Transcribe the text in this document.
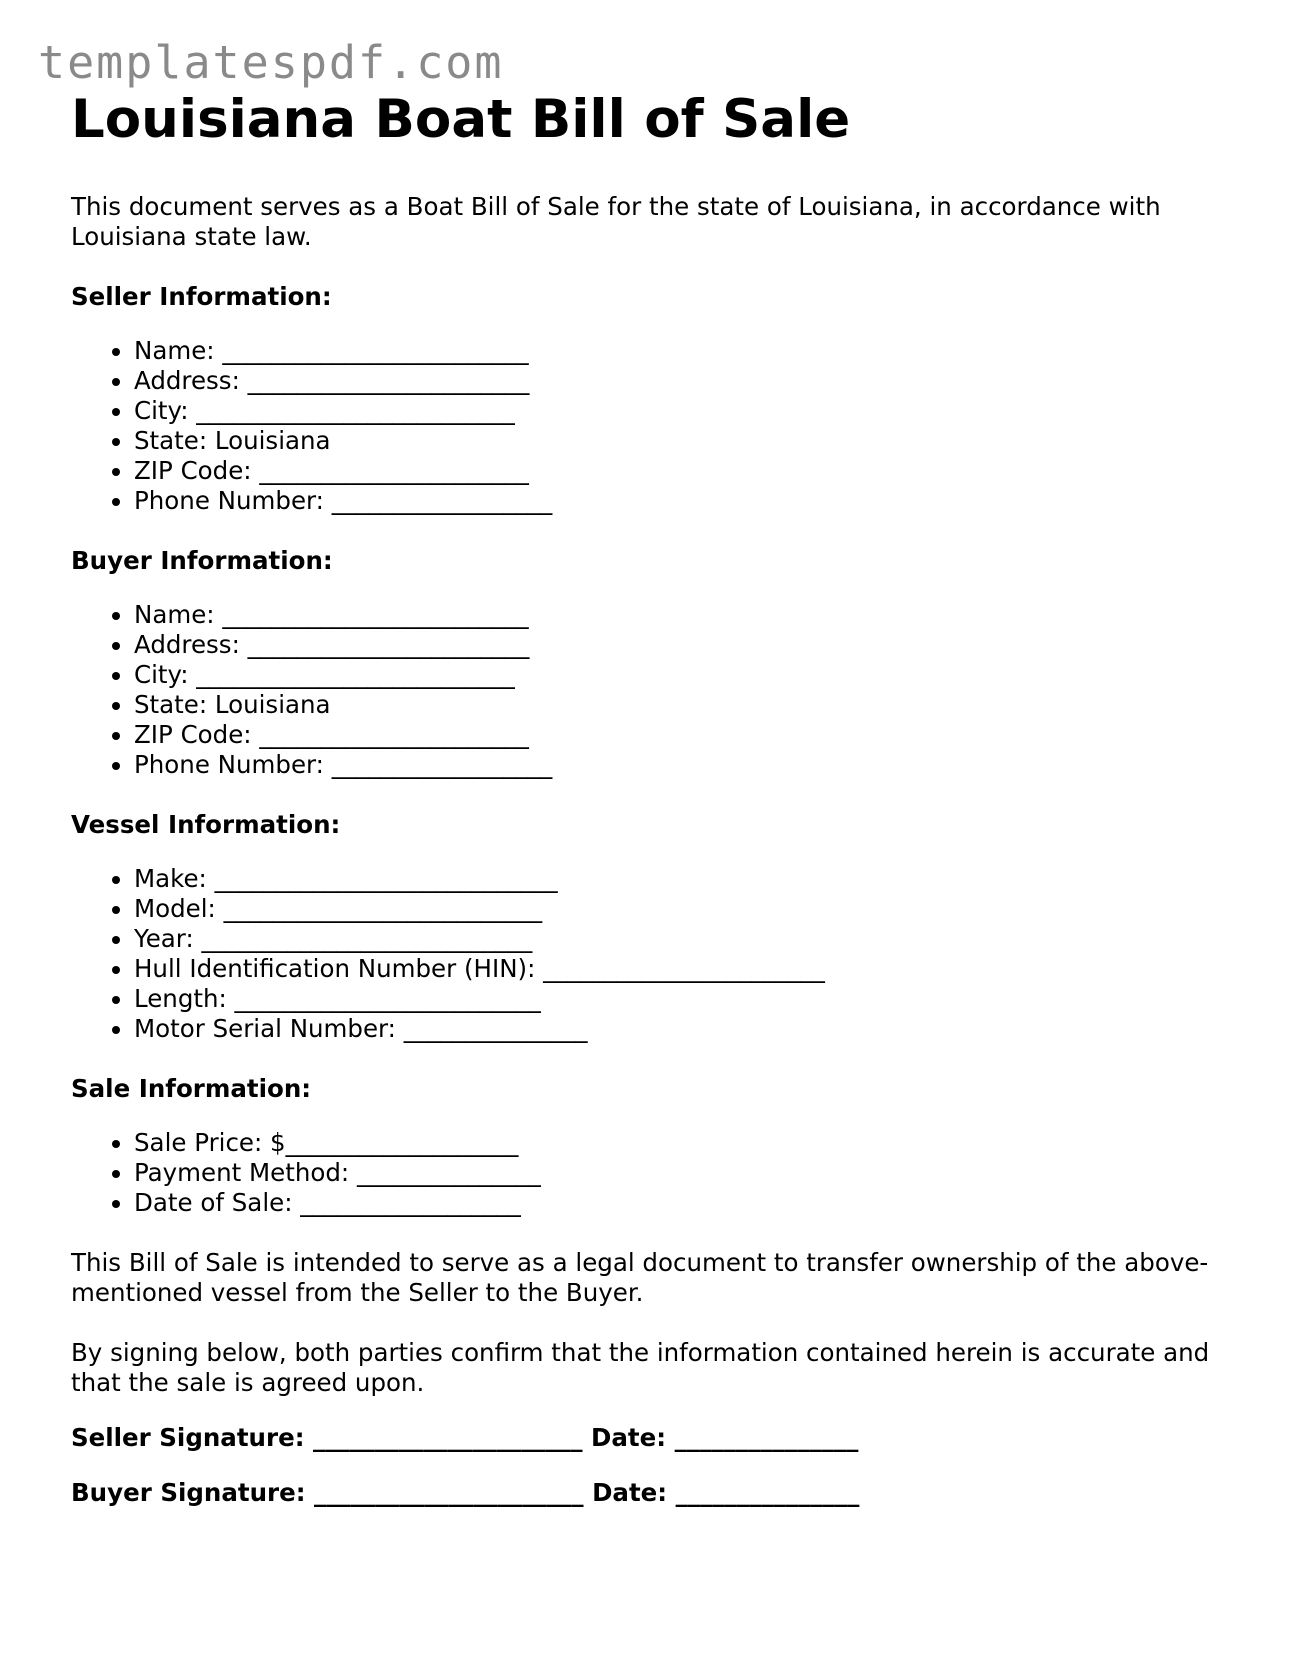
templatespdf.com
Louisiana Boat Bill of Sale

This document serves as a Boat Bill of Sale for the state of Louisiana, in accordance with Louisiana state law.

Seller Information:
• Name: _________________________
• Address: _______________________
• City: __________________________
• State: Louisiana
• ZIP Code: ______________________
• Phone Number: __________________
Buyer Information:
• Name: _________________________
• Address: _______________________
• City: __________________________
• State: Louisiana
• ZIP Code: ______________________
• Phone Number: __________________
Vessel Information:
• Make: ____________________________
• Model: __________________________
• Year: ___________________________
• Hull Identification Number (HIN): _______________________
• Length: _________________________
• Motor Serial Number: _______________
Sale Information:
• Sale Price: $___________________
• Payment Method: _______________
• Date of Sale: __________________

This Bill of Sale is intended to serve as a legal document to transfer ownership of the above-mentioned vessel from the Seller to the Buyer.

By signing below, both parties confirm that the information contained herein is accurate and that the sale is agreed upon.

Seller Signature: ______________________ Date: _______________
Buyer Signature: ______________________ Date: _______________
